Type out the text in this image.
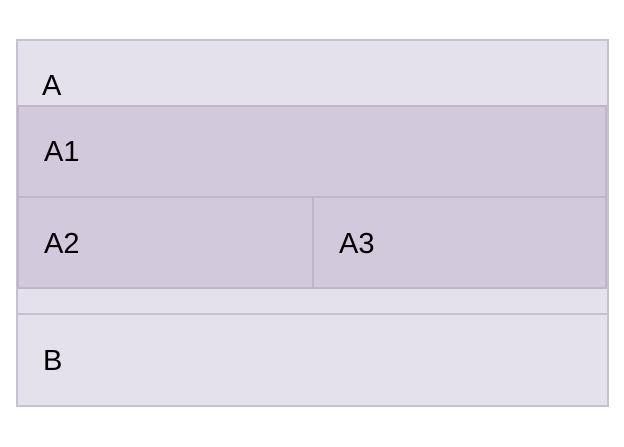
A
A1
A2	A3
B
